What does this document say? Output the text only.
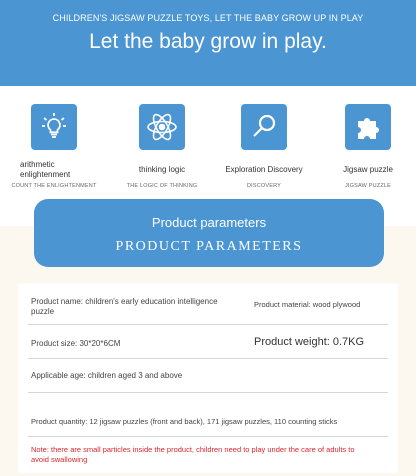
CHILDREN'S JIGSAW PUZZLE TOYS, LET THE BABY GROW UP IN PLAY
Let the baby grow in play.
arithmetic enlightenment
COUNT THE ENLIGHTENMENT
thinking logic
THE LOGIC OF THINKING
Exploration Discovery
DISCOVERY
Jigsaw puzzle
JIGSAW PUZZLE
Product parameters
PRODUCT PARAMETERS
Product name: children's early education intelligence puzzle
Product material: wood plywood
Product size: 30*20*6CM	Product weight: 0.7KG
Applicable age: children aged 3 and above
Product quantity: 12 jigsaw puzzles (front and back), 171 jigsaw puzzles, 110 counting sticks
Note: there are small particles inside the product, children need to play under the care of adults to avoid swallowing
